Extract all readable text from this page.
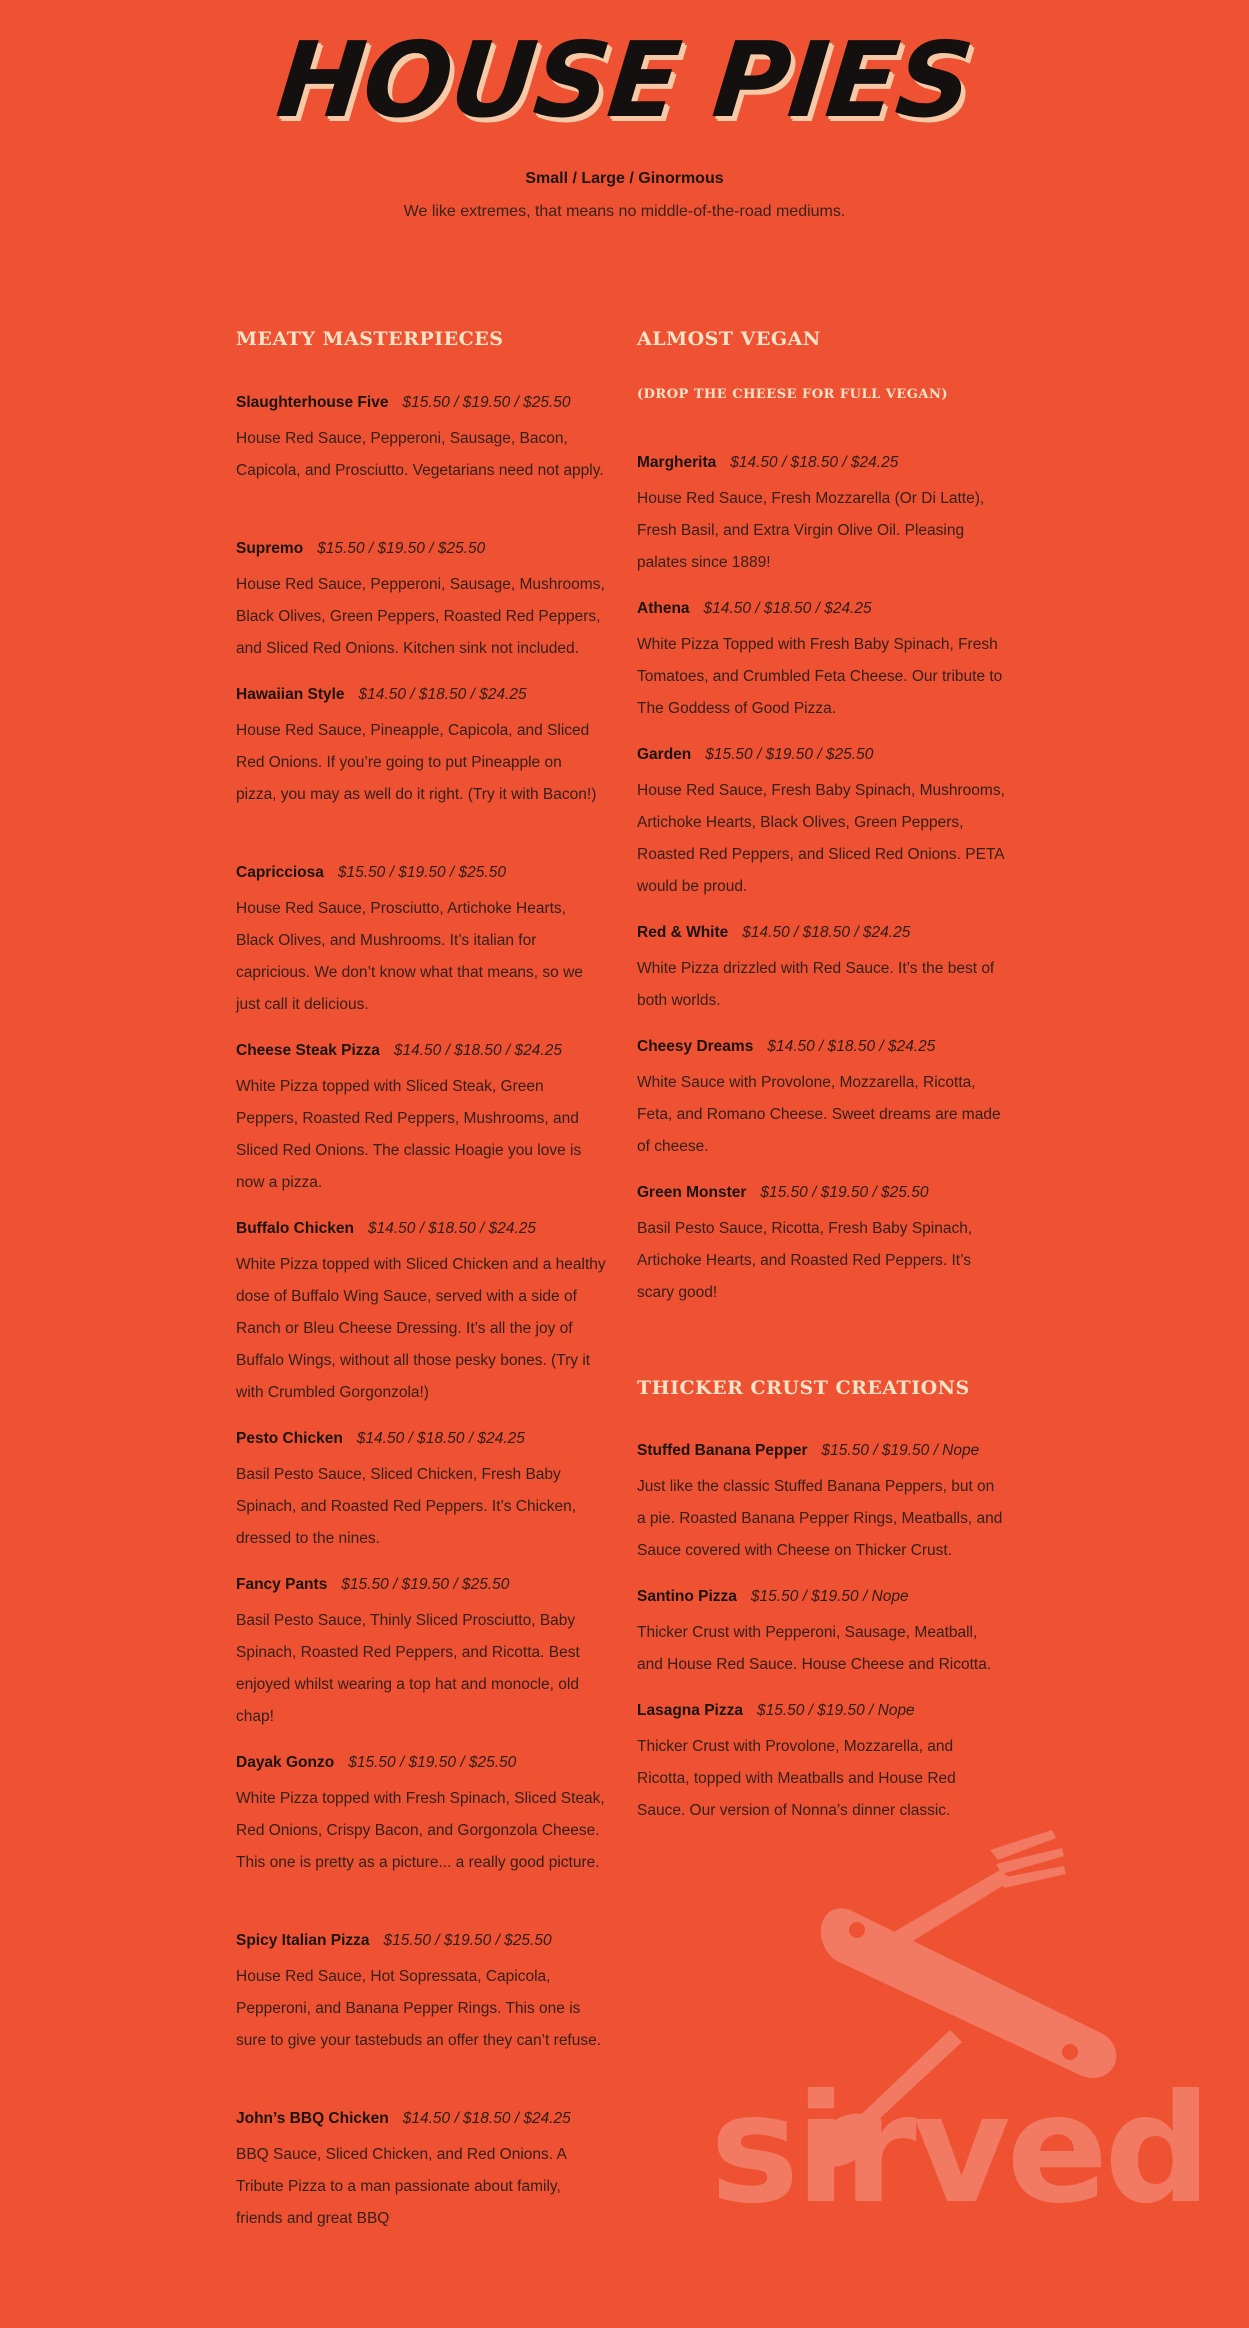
HOUSE PIES
Small / Large / Ginormous
We like extremes, that means no middle-of-the-road mediums.
MEATY MASTERPIECES
Slaughterhouse Five $15.50 / $19.50 / $25.50
House Red Sauce, Pepperoni, Sausage, Bacon, Capicola, and Prosciutto. Vegetarians need not apply.
Supremo $15.50 / $19.50 / $25.50
House Red Sauce, Pepperoni, Sausage, Mushrooms, Black Olives, Green Peppers, Roasted Red Peppers, and Sliced Red Onions. Kitchen sink not included.
Hawaiian Style $14.50 / $18.50 / $24.25
House Red Sauce, Pineapple, Capicola, and Sliced Red Onions. If you’re going to put Pineapple on pizza, you may as well do it right. (Try it with Bacon!)
Capricciosa $15.50 / $19.50 / $25.50
House Red Sauce, Prosciutto, Artichoke Hearts, Black Olives, and Mushrooms. It’s italian for capricious. We don’t know what that means, so we just call it delicious.
Cheese Steak Pizza $14.50 / $18.50 / $24.25
White Pizza topped with Sliced Steak, Green Peppers, Roasted Red Peppers, Mushrooms, and Sliced Red Onions. The classic Hoagie you love is now a pizza.
Buffalo Chicken $14.50 / $18.50 / $24.25
White Pizza topped with Sliced Chicken and a healthy dose of Buffalo Wing Sauce, served with a side of Ranch or Bleu Cheese Dressing. It’s all the joy of Buffalo Wings, without all those pesky bones. (Try it with Crumbled Gorgonzola!)
Pesto Chicken $14.50 / $18.50 / $24.25
Basil Pesto Sauce, Sliced Chicken, Fresh Baby Spinach, and Roasted Red Peppers. It’s Chicken, dressed to the nines.
Fancy Pants $15.50 / $19.50 / $25.50
Basil Pesto Sauce, Thinly Sliced Prosciutto, Baby Spinach, Roasted Red Peppers, and Ricotta. Best enjoyed whilst wearing a top hat and monocle, old chap!
Dayak Gonzo $15.50 / $19.50 / $25.50
White Pizza topped with Fresh Spinach, Sliced Steak, Red Onions, Crispy Bacon, and Gorgonzola Cheese. This one is pretty as a picture... a really good picture.
Spicy Italian Pizza $15.50 / $19.50 / $25.50
House Red Sauce, Hot Sopressata, Capicola, Pepperoni, and Banana Pepper Rings. This one is sure to give your tastebuds an offer they can’t refuse.
John’s BBQ Chicken $14.50 / $18.50 / $24.25
BBQ Sauce, Sliced Chicken, and Red Onions. A Tribute Pizza to a man passionate about family, friends and great BBQ
ALMOST VEGAN
(DROP THE CHEESE FOR FULL VEGAN)
Margherita $14.50 / $18.50 / $24.25
House Red Sauce, Fresh Mozzarella (Or Di Latte), Fresh Basil, and Extra Virgin Olive Oil. Pleasing palates since 1889!
Athena $14.50 / $18.50 / $24.25
White Pizza Topped with Fresh Baby Spinach, Fresh Tomatoes, and Crumbled Feta Cheese. Our tribute to The Goddess of Good Pizza.
Garden $15.50 / $19.50 / $25.50
House Red Sauce, Fresh Baby Spinach, Mushrooms, Artichoke Hearts, Black Olives, Green Peppers, Roasted Red Peppers, and Sliced Red Onions. PETA would be proud.
Red & White $14.50 / $18.50 / $24.25
White Pizza drizzled with Red Sauce. It’s the best of both worlds.
Cheesy Dreams $14.50 / $18.50 / $24.25
White Sauce with Provolone, Mozzarella, Ricotta, Feta, and Romano Cheese. Sweet dreams are made of cheese.
Green Monster $15.50 / $19.50 / $25.50
Basil Pesto Sauce, Ricotta, Fresh Baby Spinach, Artichoke Hearts, and Roasted Red Peppers. It’s scary good!
THICKER CRUST CREATIONS
Stuffed Banana Pepper $15.50 / $19.50 / Nope
Just like the classic Stuffed Banana Peppers, but on a pie. Roasted Banana Pepper Rings, Meatballs, and Sauce covered with Cheese on Thicker Crust.
Santino Pizza $15.50 / $19.50 / Nope
Thicker Crust with Pepperoni, Sausage, Meatball, and House Red Sauce. House Cheese and Ricotta.
Lasagna Pizza $15.50 / $19.50 / Nope
Thicker Crust with Provolone, Mozzarella, and Ricotta, topped with Meatballs and House Red Sauce. Our version of Nonna’s dinner classic.
sirved
